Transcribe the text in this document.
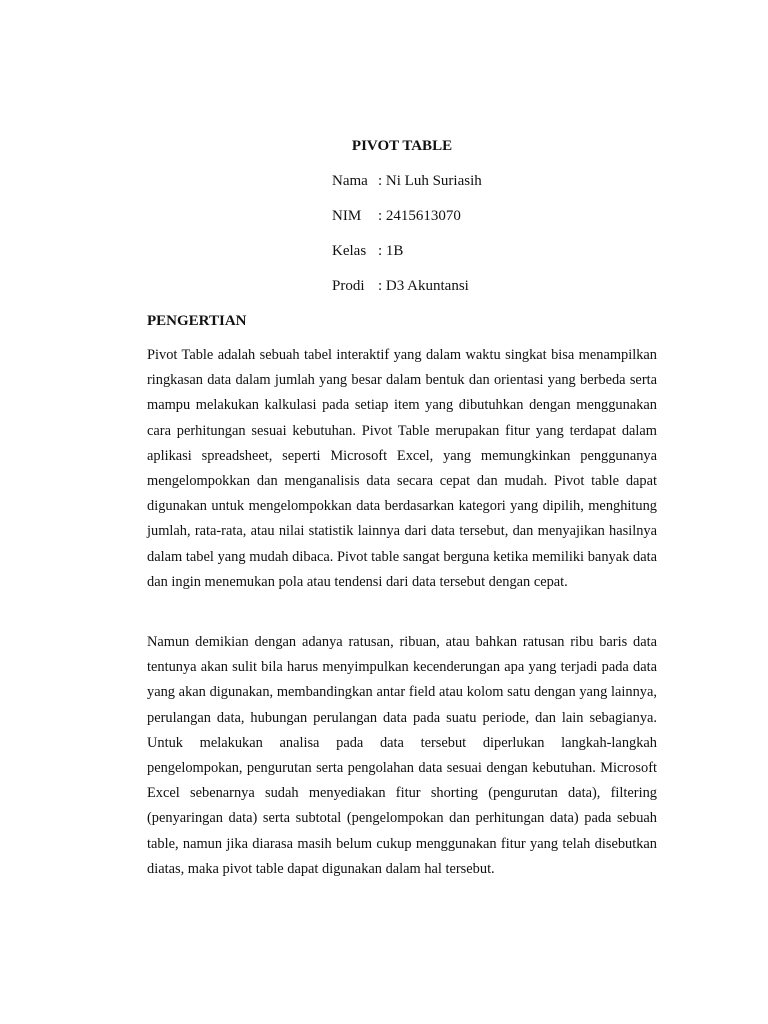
PIVOT TABLE
Nama : Ni Luh Suriasih
NIM	: 2415613070
Kelas : 1B
Prodi : D3 Akuntansi
PENGERTIAN

Pivot Table adalah sebuah tabel interaktif yang dalam waktu singkat bisa menampilkan ringkasan data dalam jumlah yang besar dalam bentuk dan orientasi yang berbeda serta mampu melakukan kalkulasi pada setiap item yang dibutuhkan dengan menggunakan cara perhitungan sesuai kebutuhan. Pivot Table merupakan fitur yang terdapat dalam aplikasi spreadsheet, seperti Microsoft Excel, yang memungkinkan penggunanya mengelompokkan dan menganalisis data secara cepat dan mudah. Pivot table dapat digunakan untuk mengelompokkan data berdasarkan kategori yang dipilih, menghitung jumlah, rata-rata, atau nilai statistik lainnya dari data tersebut, dan menyajikan hasilnya dalam tabel yang mudah dibaca. Pivot table sangat berguna ketika memiliki banyak data dan ingin menemukan pola atau tendensi dari data tersebut dengan cepat.

Namun demikian dengan adanya ratusan, ribuan, atau bahkan ratusan ribu baris data tentunya akan sulit bila harus menyimpulkan kecenderungan apa yang terjadi pada data yang akan digunakan, membandingkan antar field atau kolom satu dengan yang lainnya, perulangan data, hubungan perulangan data pada suatu periode, dan lain sebagianya. Untuk melakukan analisa pada data tersebut diperlukan langkah-langkah pengelompokan, pengurutan serta pengolahan data sesuai dengan kebutuhan. Microsoft Excel sebenarnya sudah menyediakan fitur shorting (pengurutan data), filtering (penyaringan data) serta subtotal (pengelompokan dan perhitungan data) pada sebuah table, namun jika diarasa masih belum cukup menggunakan fitur yang telah disebutkan diatas, maka pivot table dapat digunakan dalam hal tersebut.
